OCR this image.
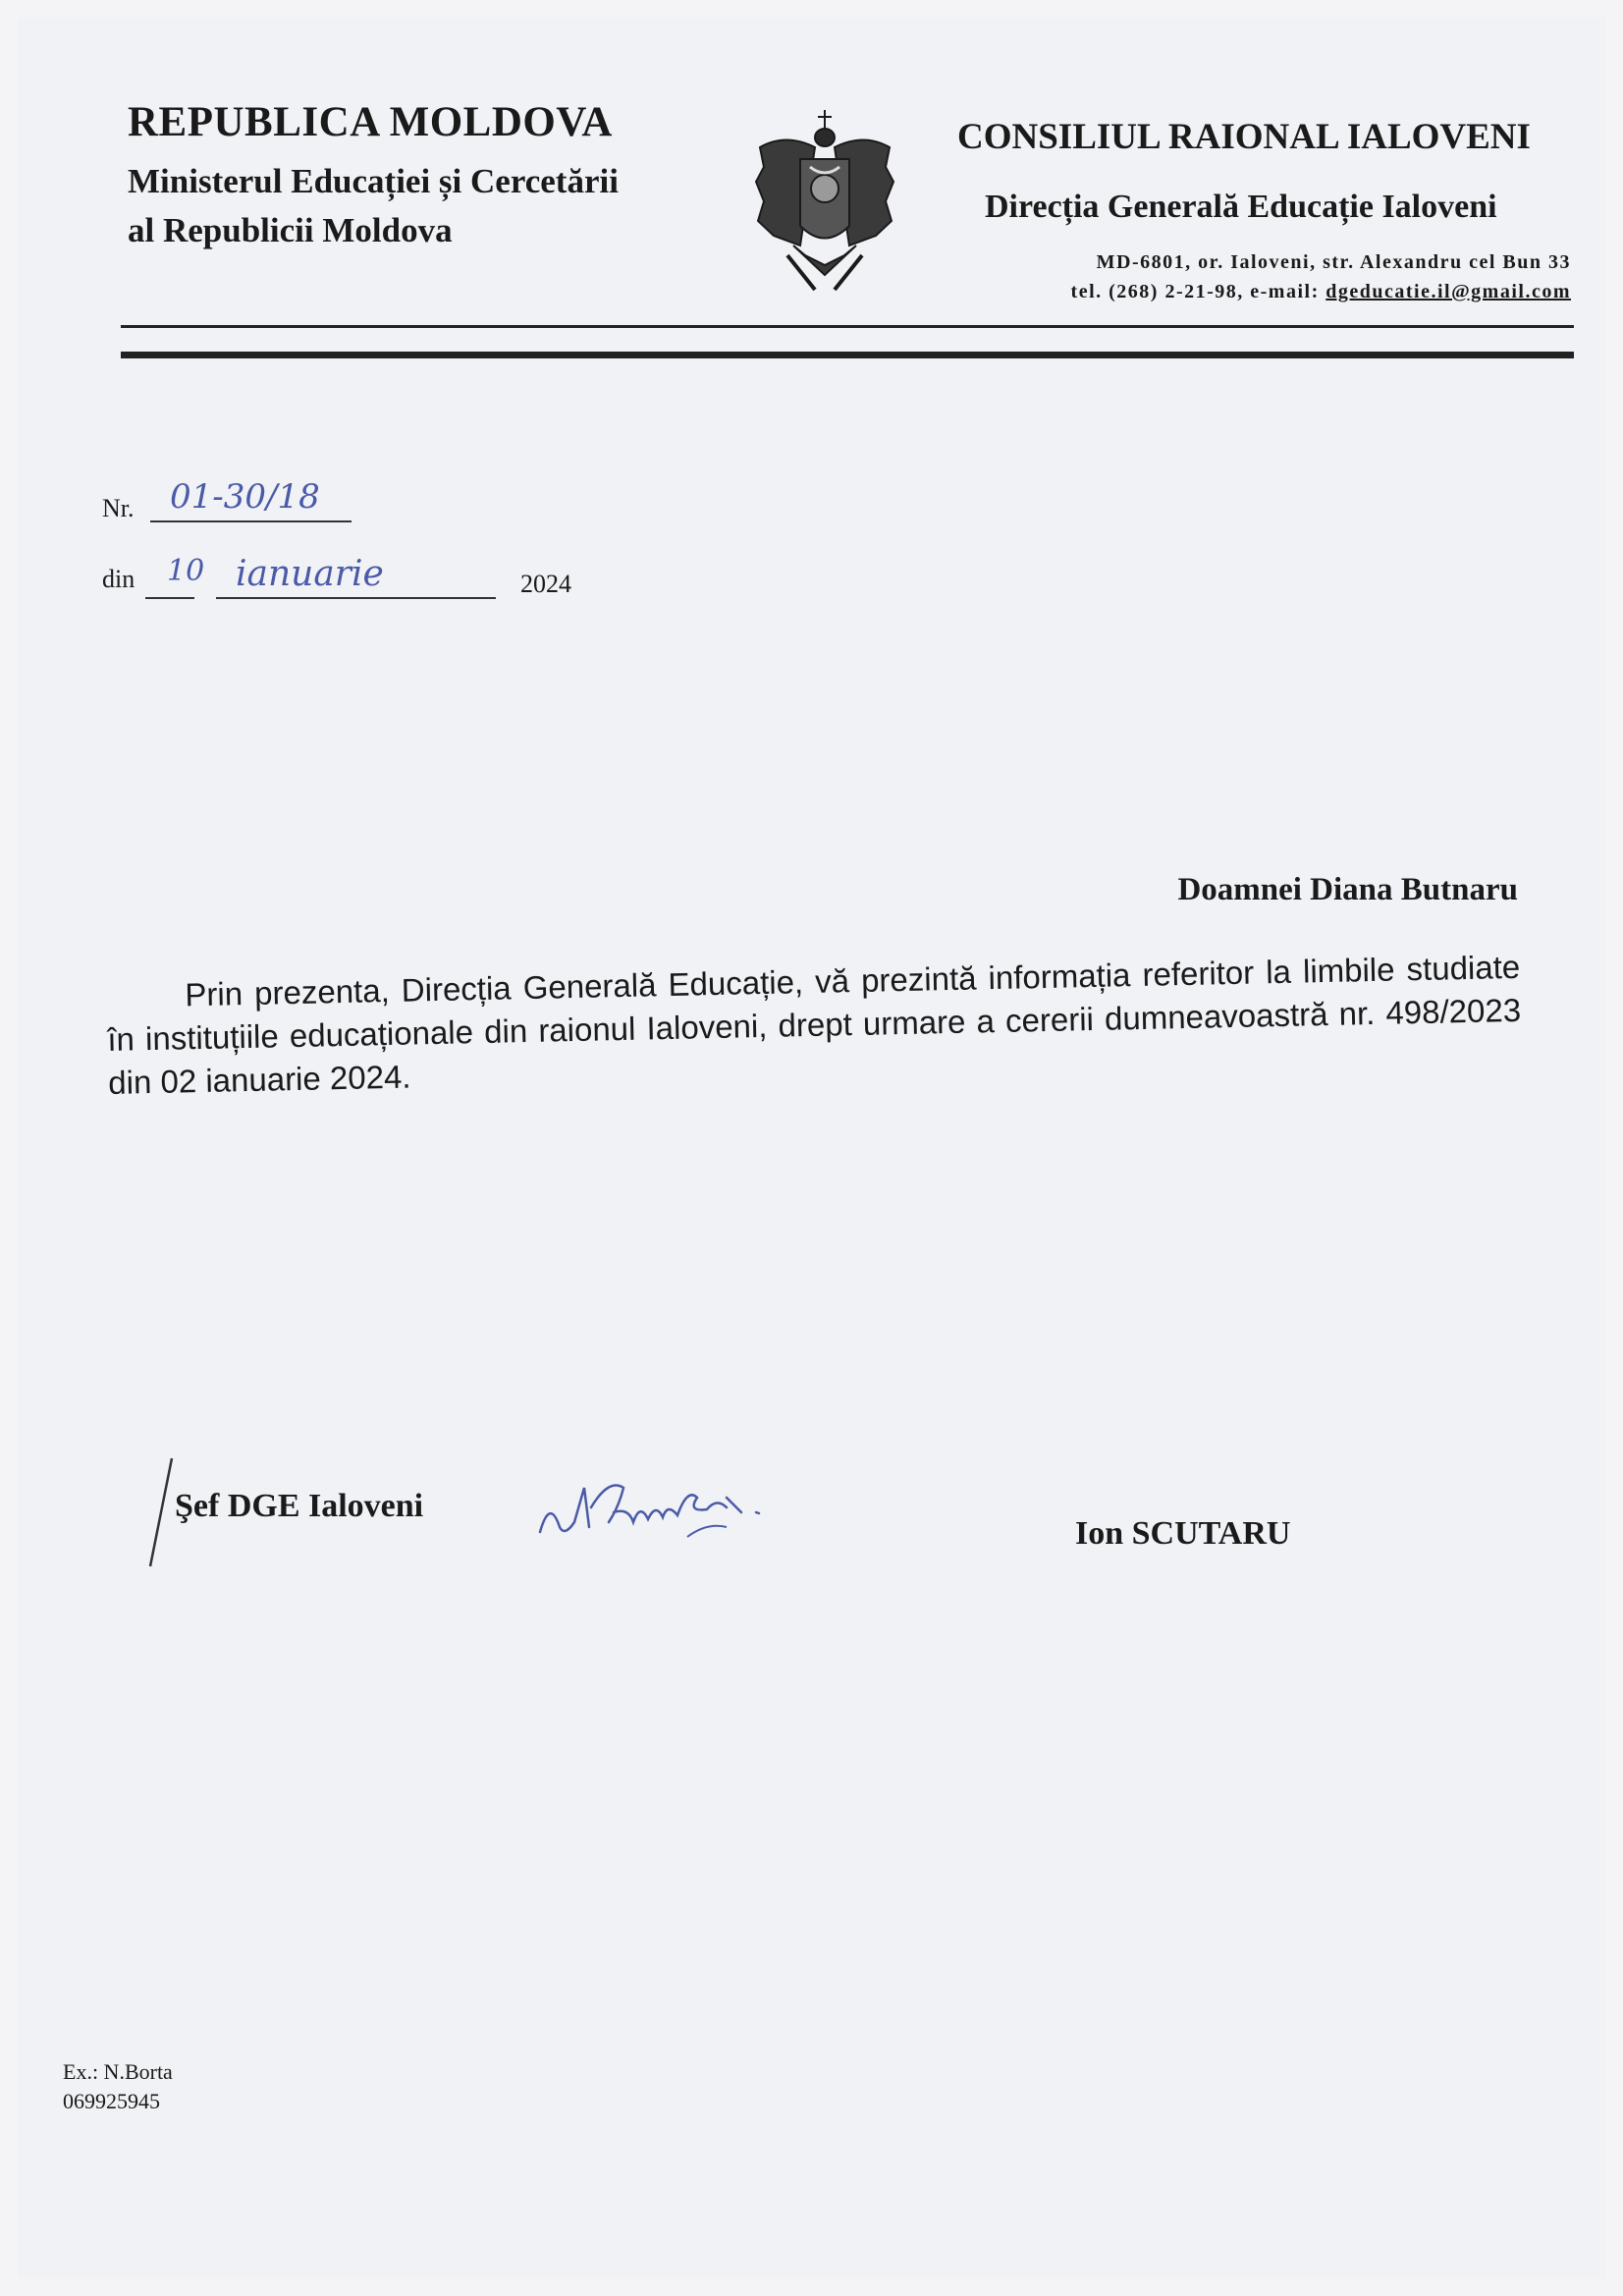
REPUBLICA MOLDOVA
Ministerul Educației și Cercetării
al Republicii Moldova
CONSILIUL RAIONAL IALOVENI
Direcția Generală Educație Ialoveni
MD-6801, or. Ialoveni, str. Alexandru cel Bun 33
tel. (268) 2-21-98, e-mail: dgeducatie.il@gmail.com
Nr. 01-30/18
din 10 ianuarie	2024
Doamnei Diana Butnaru
Prin prezenta, Direcția Generală Educație, vă prezintă informația referitor la limbile studiate în instituțiile educaționale din raionul Ialoveni, drept urmare a cererii dumneavoastră nr. 498/2023 din 02 ianuarie 2024.
Şef DGE Ialoveni
Ion SCUTARU
Ex.: N.Borta
069925945
